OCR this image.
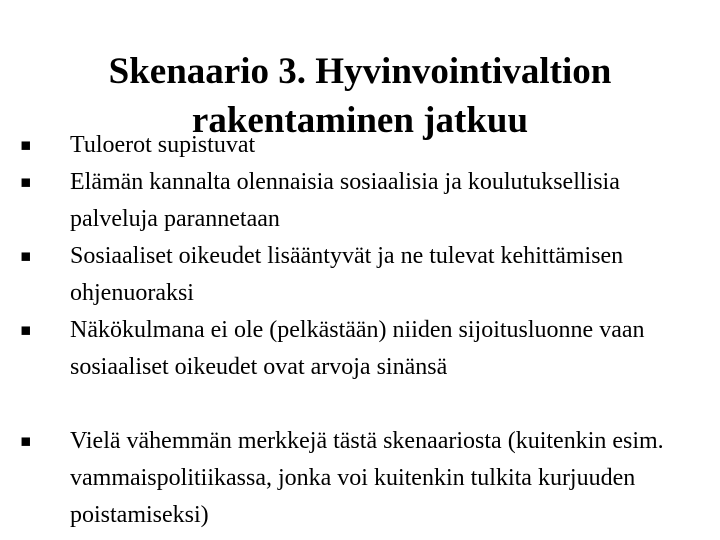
▪ Tuloerot supistuvat
▪ Elämän kannalta olennaisia sosiaalisia ja koulutuksellisia palveluja parannetaan
▪ Sosiaaliset oikeudet lisääntyvät ja ne tulevat kehittämisen ohjenuoraksi
▪ Näkökulmana ei ole (pelkästään) niiden sijoitusluonne vaan sosiaaliset oikeudet ovat arvoja sinänsä
▪ Vielä vähemmän merkkejä tästä skenaariosta (kuitenkin esim. vammaispolitiikassa, jonka voi kuitenkin tulkita kurjuuden poistamiseksi)
Skenaario 3. Hyvinvointivaltion
rakentaminen jatkuu
